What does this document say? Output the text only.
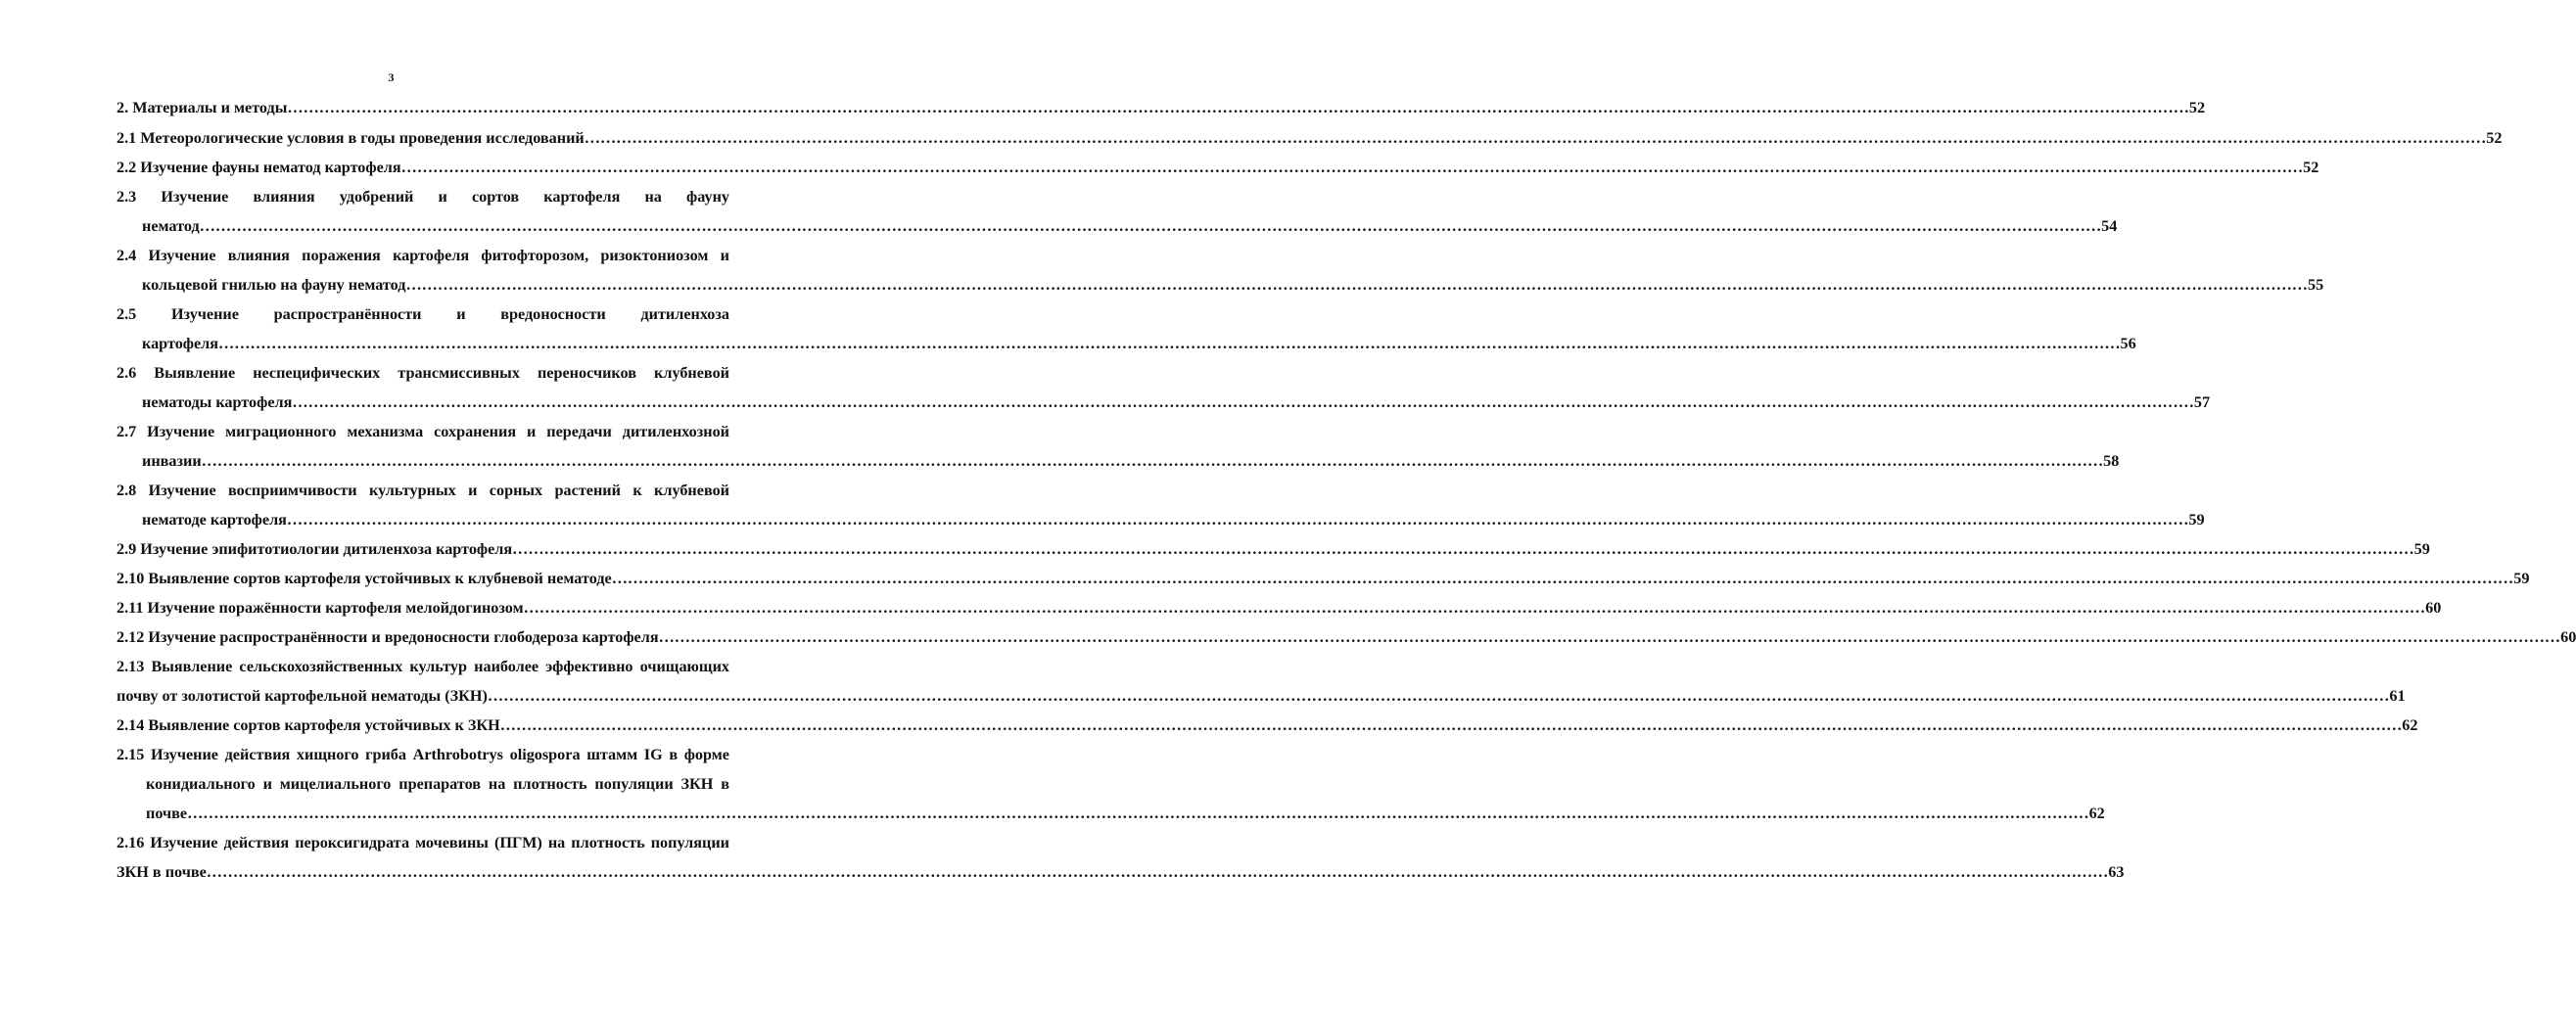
3
2. Материалы и методы ……………………………………………………………………………………………………………………………………………………………………………………………………………………………………………………………………………………………………………………………… 52
2.1 Метеорологические условия в годы проведения исследований ……………………………………………………………………………………………………………………………………………………………………………………………………………………………………………………………………………………………………………………………… 52
2.2 Изучение фауны нематод картофеля ……………………………………………………………………………………………………………………………………………………………………………………………………………………………………………………………………………………………………………………………… 52
2.3 Изучение влияния удобрений и сортов картофеля на фауну
нематод ……………………………………………………………………………………………………………………………………………………………………………………………………………………………………………………………………………………………………………………………… 54
2.4 Изучение влияния поражения картофеля фитофторозом, ризоктониозом и
кольцевой гнилью на фауну нематод ……………………………………………………………………………………………………………………………………………………………………………………………………………………………………………………………………………………………………………………………… 55
2.5 Изучение распространённости и вредоносности дитиленхоза
картофеля ……………………………………………………………………………………………………………………………………………………………………………………………………………………………………………………………………………………………………………………………… 56
2.6 Выявление неспецифических трансмиссивных переносчиков клубневой
нематоды картофеля ……………………………………………………………………………………………………………………………………………………………………………………………………………………………………………………………………………………………………………………………… 57
2.7 Изучение миграционного механизма сохранения и передачи дитиленхозной
инвазии ……………………………………………………………………………………………………………………………………………………………………………………………………………………………………………………………………………………………………………………………… 58
2.8 Изучение восприимчивости культурных и сорных растений к клубневой
нематоде картофеля ……………………………………………………………………………………………………………………………………………………………………………………………………………………………………………………………………………………………………………………………… 59
2.9 Изучение эпифитотиологии дитиленхоза картофеля ……………………………………………………………………………………………………………………………………………………………………………………………………………………………………………………………………………………………………………………………… 59
2.10 Выявление сортов картофеля устойчивых к клубневой нематоде ……………………………………………………………………………………………………………………………………………………………………………………………………………………………………………………………………………………………………………………………… 59
2.11 Изучение поражённости картофеля мелойдогинозом ……………………………………………………………………………………………………………………………………………………………………………………………………………………………………………………………………………………………………………………………… 60
2.12 Изучение распространённости и вредоносности глободероза картофеля ……………………………………………………………………………………………………………………………………………………………………………………………………………………………………………………………………………………………………………………………… 60
2.13 Выявление сельскохозяйственных культур наиболее эффективно очищающих
почву от золотистой картофельной нематоды (ЗКН) ……………………………………………………………………………………………………………………………………………………………………………………………………………………………………………………………………………………………………………………………… 61
2.14 Выявление сортов картофеля устойчивых к ЗКН ……………………………………………………………………………………………………………………………………………………………………………………………………………………………………………………………………………………………………………………………… 62
2.15 Изучение действия хищного гриба Arthrobotrys oligospora штамм IG в форме
конидиального и мицелиального препаратов на плотность популяции ЗКН в
почве ……………………………………………………………………………………………………………………………………………………………………………………………………………………………………………………………………………………………………………………………… 62
2.16 Изучение действия пероксигидрата мочевины (ПГМ) на плотность популяции
ЗКН в почве ……………………………………………………………………………………………………………………………………………………………………………………………………………………………………………………………………………………………………………………………… 63
